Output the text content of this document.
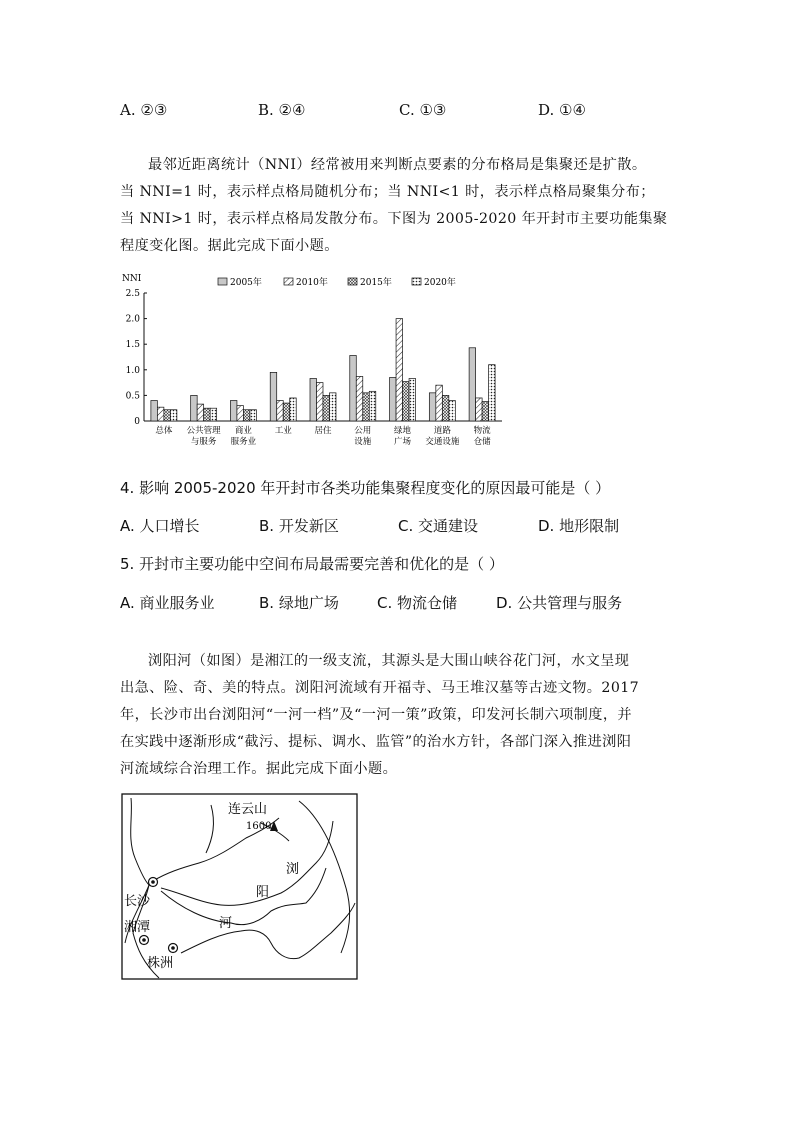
A. ②③	B. ②④	C. ①③	D. ①④

最邻近距离统计（NNI）经常被用来判断点要素的分布格局是集聚还是扩散。

当 NNI=1 时，表示样点格局随机分布；当 NNI<1 时，表示样点格局聚集分布；

当 NNI>1 时，表示样点格局发散分布。下图为 2005-2020 年开封市主要功能集聚

程度变化图。据此完成下面小题。

NNI	2005年	2010年	2015年	2020年
0
0.5
1.0
1.5
2.0
2.5
总体 公共管理
与服务
商业
服务业
工业	居住	公用
设施
绿地
广场
道路
交通设施
物流
仓储
4. 影响 2005-2020 年开封市各类功能集聚程度变化的原因最可能是（ ）
A. 人口增长	B. 开发新区	C. 交通建设	D. 地形限制
5. 开封市主要功能中空间布局最需要完善和优化的是（ ）
A. 商业服务业	B. 绿地广场	C. 物流仓储	D. 公共管理与服务

浏阳河（如图）是湘江的一级支流，其源头是大围山峡谷花门河，水文呈现

出急、险、奇、美的特点。浏阳河流域有开福寺、马王堆汉墓等古迹文物。2017

年，长沙市出台浏阳河“一河一档”及“一河一策”政策，印发河长制六项制度，并

在实践中逐渐形成“截污、提标、调水、监管”的治水方针，各部门深入推进浏阳

河流域综合治理工作。据此完成下面小题。

连云山
1600
浏
阳
河
长沙
湘潭
株洲
